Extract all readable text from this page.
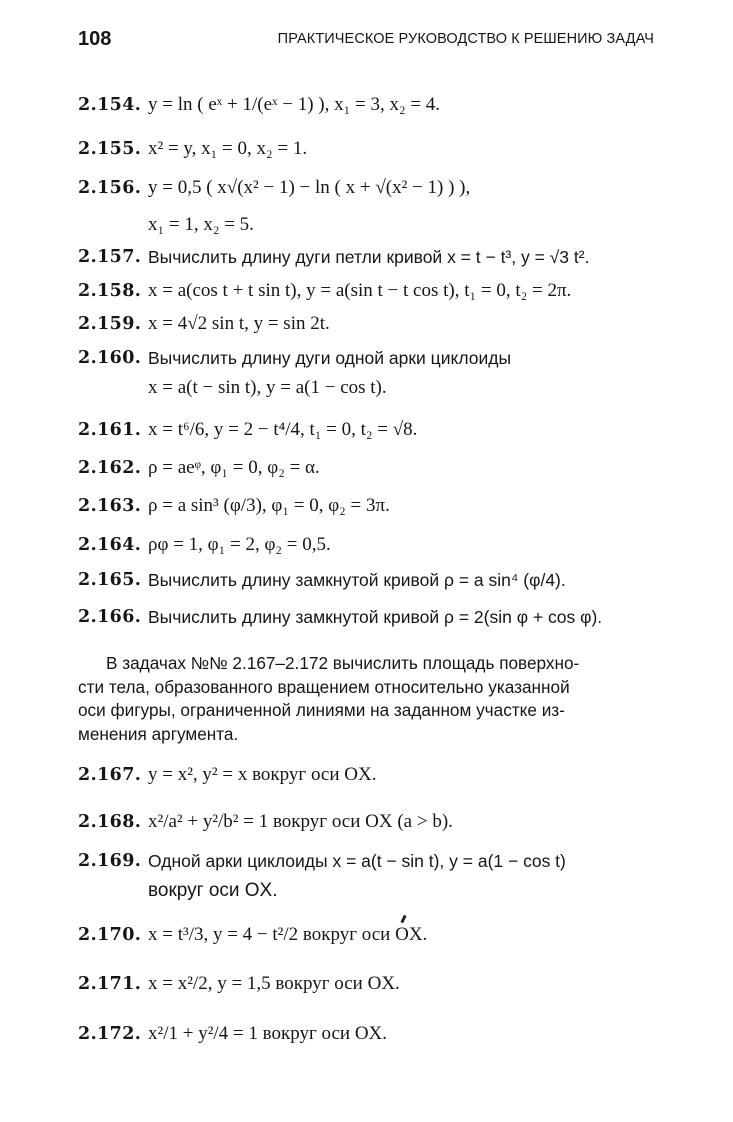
108	ПРАКТИЧЕСКОЕ РУКОВОДСТВО К РЕШЕНИЮ ЗАДАЧ
2.154. y = ln ( eˣ + 1/(eˣ − 1) ), x₁ = 3, x₂ = 4.
2.155. x² = y, x₁ = 0, x₂ = 1.
2.156. y = 0,5 ( x√(x² − 1) − ln ( x + √(x² − 1) ) ),
x₁ = 1, x₂ = 5.
2.157. Вычислить длину дуги петли кривой x = t − t³, y = √3 t².
2.158. x = a(cos t + t sin t), y = a(sin t − t cos t), t₁ = 0, t₂ = 2π.
2.159. x = 4√2 sin t, y = sin 2t.
2.160. Вычислить длину дуги одной арки циклоиды
x = a(t − sin t), y = a(1 − cos t).
2.161. x = t⁶/6, y = 2 − t⁴/4, t₁ = 0, t₂ = √8.
2.162. ρ = aeᵠ, φ₁ = 0, φ₂ = α.
2.163. ρ = a sin³ (φ/3), φ₁ = 0, φ₂ = 3π.
2.164. ρφ = 1, φ₁ = 2, φ₂ = 0,5.
2.165. Вычислить длину замкнутой кривой ρ = a sin⁴ (φ/4).
2.166. Вычислить длину замкнутой кривой ρ = 2(sin φ + cos φ).
В задачах №№ 2.167–2.172 вычислить площадь поверхно-
сти тела, образованного вращением относительно указанной
оси фигуры, ограниченной линиями на заданном участке из-
менения аргумента.
2.167. y = x², y² = x вокруг оси OX.
2.168. x²/a² + y²/b² = 1 вокруг оси OX (a > b).
2.169. Одной арки циклоиды x = a(t − sin t), y = a(1 − cos t)
вокруг оси OX.
2.170. x = t³/3, y = 4 − t²/2 вокруг оси OX.
2.171. x = x²/2, y = 1,5 вокруг оси OX.
2.172. x²/1 + y²/4 = 1 вокруг оси OX.
